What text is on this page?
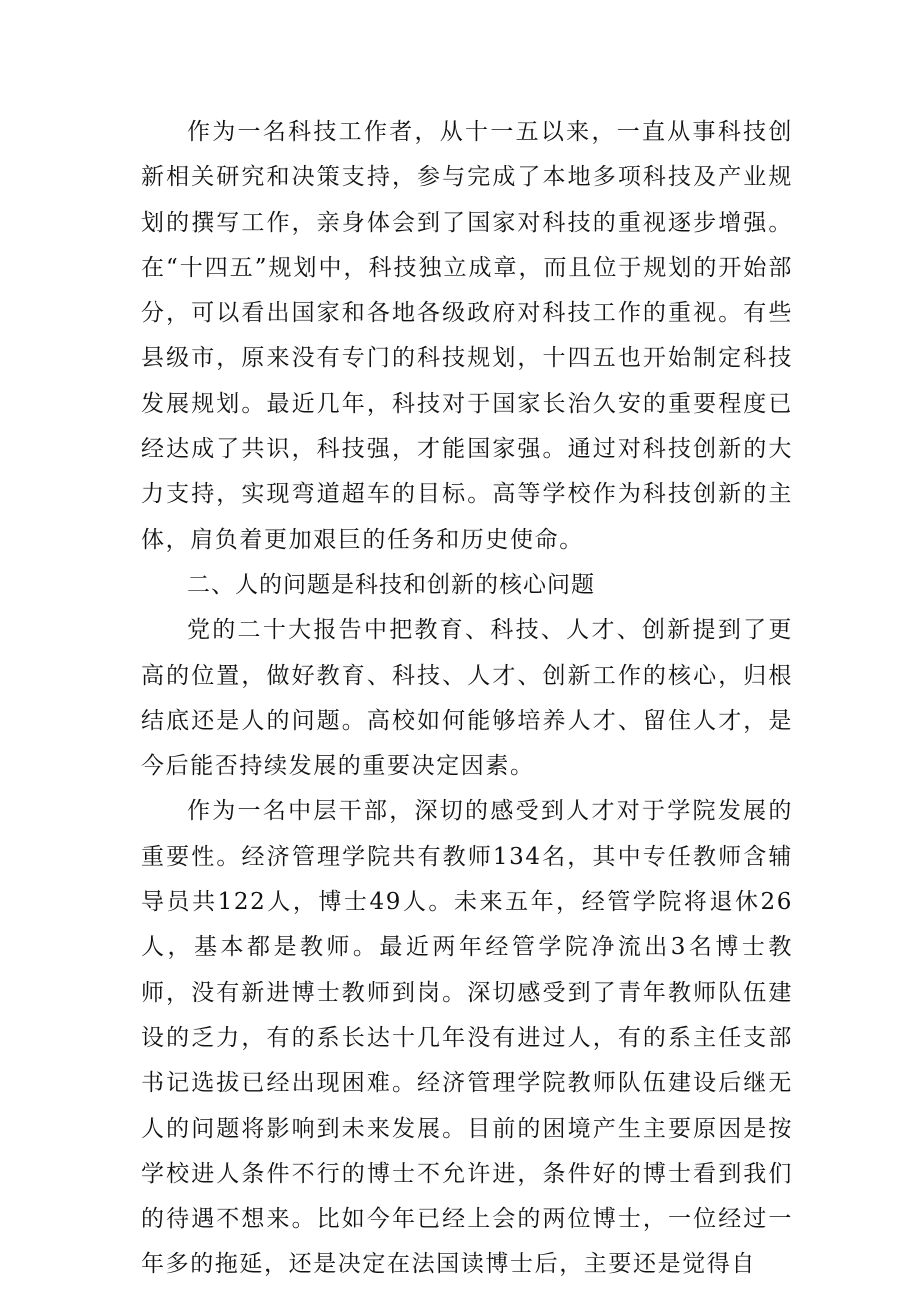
作为一名科技工作者，从十一五以来，一直从事科技创新相关研究和决策支持，参与完成了本地多项科技及产业规划的撰写工作，亲身体会到了国家对科技的重视逐步增强。在“十四五”规划中，科技独立成章，而且位于规划的开始部分，可以看出国家和各地各级政府对科技工作的重视。有些县级市，原来没有专门的科技规划，十四五也开始制定科技发展规划。最近几年，科技对于国家长治久安的重要程度已经达成了共识，科技强，才能国家强。通过对科技创新的大力支持，实现弯道超车的目标。高等学校作为科技创新的主体，肩负着更加艰巨的任务和历史使命。

二、人的问题是科技和创新的核心问题

党的二十大报告中把教育、科技、人才、创新提到了更高的位置，做好教育、科技、人才、创新工作的核心，归根结底还是人的问题。高校如何能够培养人才、留住人才，是今后能否持续发展的重要决定因素。

作为一名中层干部，深切的感受到人才对于学院发展的重要性。经济管理学院共有教师134名，其中专任教师含辅导员共122人，博士49人。未来五年，经管学院将退休26人，基本都是教师。最近两年经管学院净流出3名博士教师，没有新进博士教师到岗。深切感受到了青年教师队伍建设的乏力，有的系长达十几年没有进过人，有的系主任支部书记选拔已经出现困难。经济管理学院教师队伍建设后继无人的问题将影响到未来发展。目前的困境产生主要原因是按学校进人条件不行的博士不允许进，条件好的博士看到我们的待遇不想来。比如今年已经上会的两位博士，一位经过一年多的拖延，还是决定在法国读博士后，主要还是觉得自
